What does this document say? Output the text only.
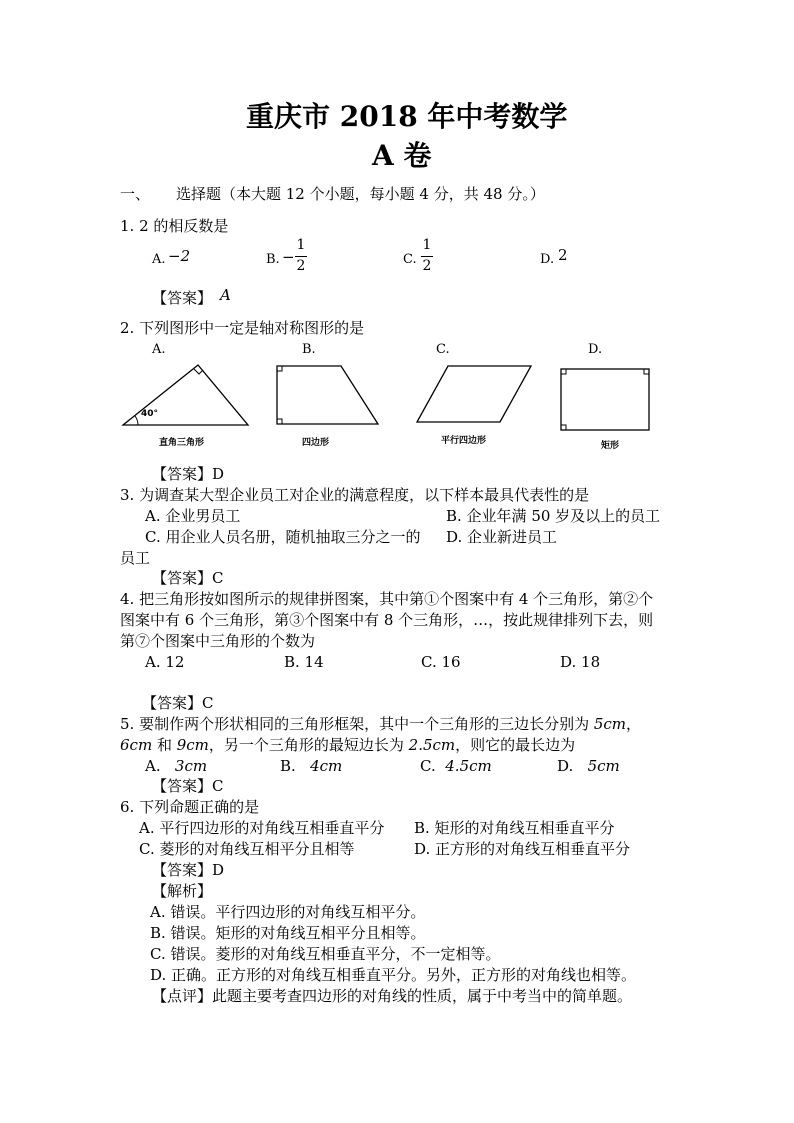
重庆市 2018 年中考数学
A 卷
一、 选择题（本大题 12 个小题，每小题 4 分，共 48 分。）
1. 2 的相反数是
A. −2	B. −
1
2	C.
1
2	D. 2
【答案】 A
2. 下列图形中一定是轴对称图形的是
A.	B.	C.	D.
40°
直角三角形	四边形	平行四边形	矩形
【答案】D
3. 为调查某大型企业员工对企业的满意程度，以下样本最具代表性的是
A. 企业男员工	B. 企业年满 50 岁及以上的员工
C. 用企业人员名册，随机抽取三分之一的 D. 企业新进员工
员工
【答案】C
4. 把三角形按如图所示的规律拼图案，其中第①个图案中有 4 个三角形，第②个
图案中有 6 个三角形，第③个图案中有 8 个三角形，…，按此规律排列下去，则
第⑦个图案中三角形的个数为
A. 12	B. 14	C. 16	D. 18
【答案】C
5. 要制作两个形状相同的三角形框架，其中一个三角形的三边长分别为 5cm，
6cm 和 9cm，另一个三角形的最短边长为 2.5cm，则它的最长边为
A. 3cm	B. 4cm	C. 4.5cm	D. 5cm
【答案】C
6. 下列命题正确的是
A. 平行四边形的对角线互相垂直平分 B. 矩形的对角线互相垂直平分
C. 菱形的对角线互相平分且相等	D. 正方形的对角线互相垂直平分
【答案】D
【解析】
A. 错误。平行四边形的对角线互相平分。
B. 错误。矩形的对角线互相平分且相等。
C. 错误。菱形的对角线互相垂直平分，不一定相等。
D. 正确。正方形的对角线互相垂直平分。另外，正方形的对角线也相等。
【点评】此题主要考查四边形的对角线的性质，属于中考当中的简单题。
